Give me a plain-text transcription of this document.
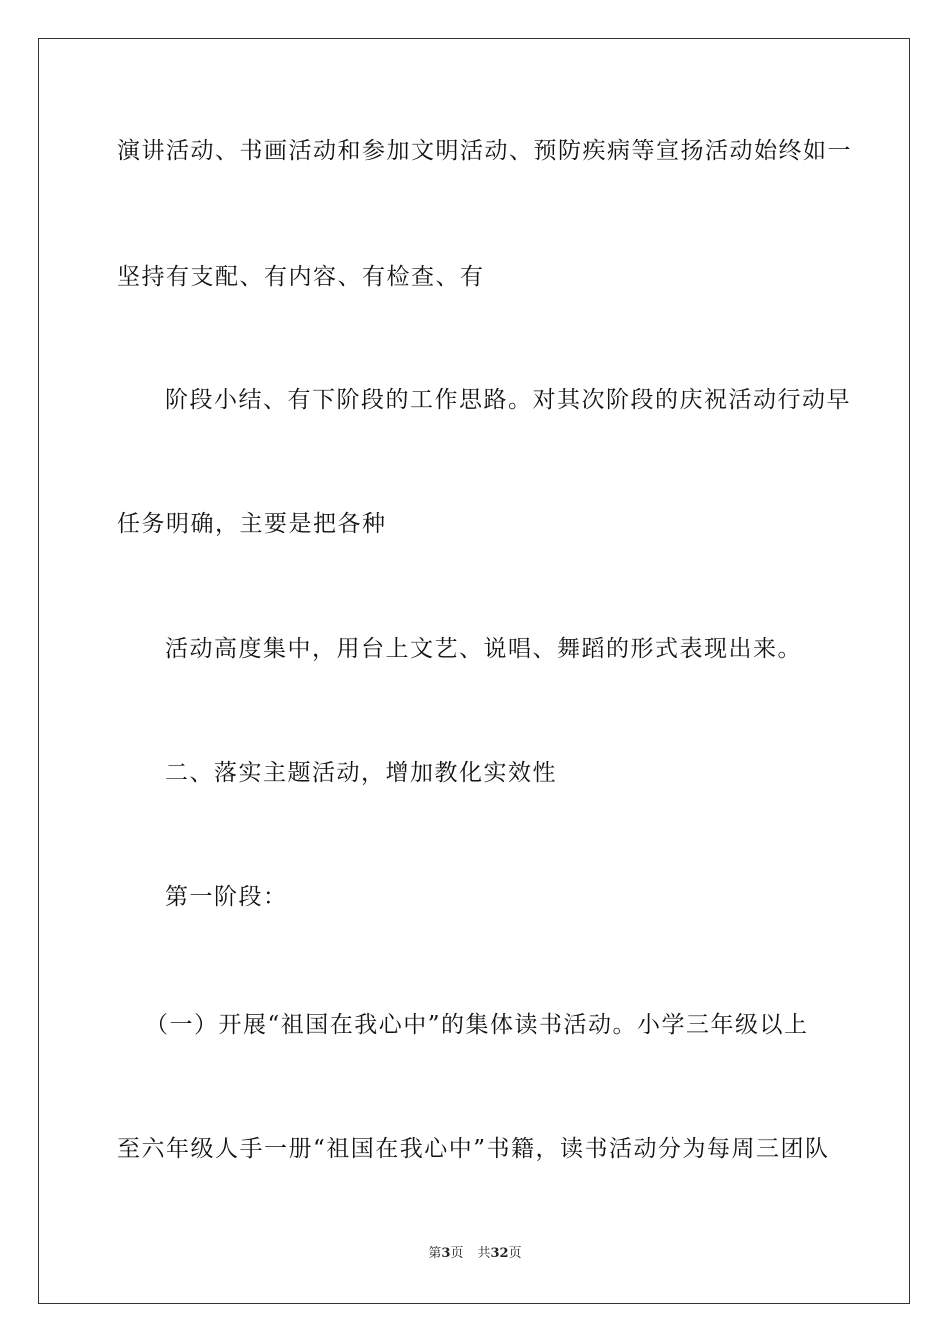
演讲活动、书画活动和参加文明活动、预防疾病等宣扬活动始终如一
坚持有支配、有内容、有检查、有
阶段小结、有下阶段的工作思路。对其次阶段的庆祝活动行动早
任务明确，主要是把各种
活动高度集中，用台上文艺、说唱、舞蹈的形式表现出来。
二、落实主题活动，增加教化实效性
第一阶段：
（一）开展“祖国在我心中”的集体读书活动。小学三年级以上
至六年级人手一册“祖国在我心中”书籍，读书活动分为每周三团队
第3页 共32页
